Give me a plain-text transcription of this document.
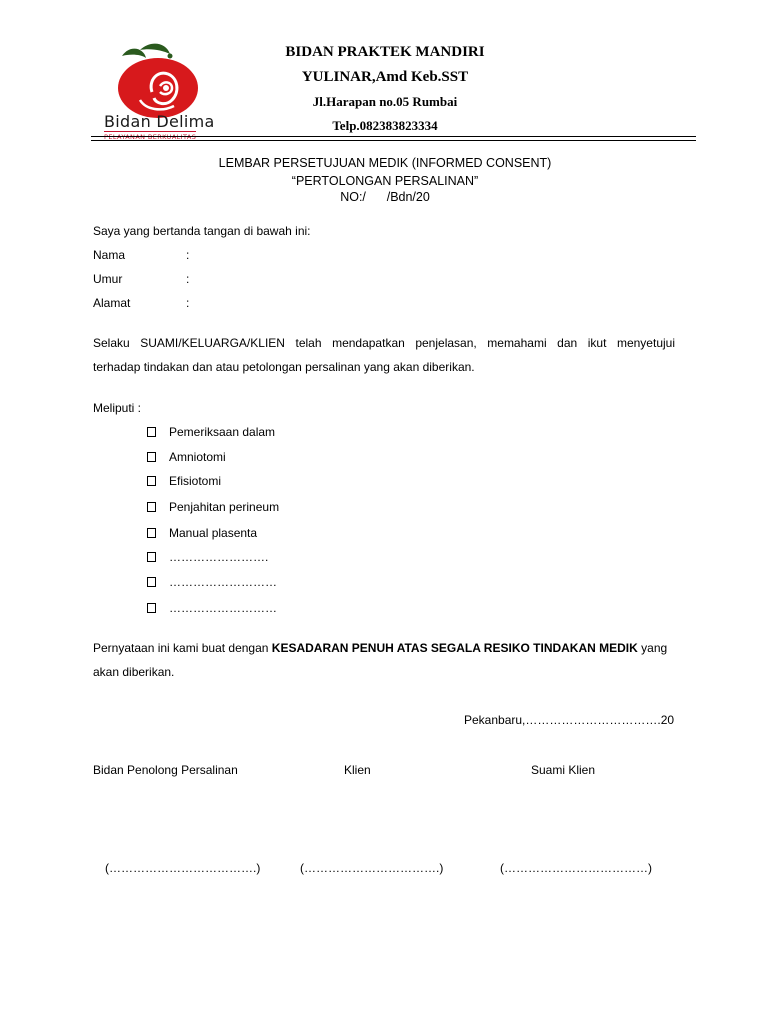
Bidan Delima
PELAYANAN BERKUALITAS
BIDAN PRAKTEK MANDIRI
YULINAR,Amd Keb.SST
Jl.Harapan no.05 Rumbai
Telp.082383823334
LEMBAR PERSETUJUAN MEDIK (INFORMED CONSENT)
“PERTOLONGAN PERSALINAN”
NO:/      /Bdn/20
Saya yang bertanda tangan di bawah ini:
Nama	:
Umur	:
Alamat	:
Selaku SUAMI/KELUARGA/KLIEN telah mendapatkan penjelasan, memahami dan ikut menyetujui
terhadap tindakan dan atau petolongan persalinan yang akan diberikan.
Meliputi :
Pemeriksaan dalam
Amniotomi
Efisiotomi
Penjahitan perineum
Manual plasenta
…………………….
………………………
………………………
Pernyataan ini kami buat dengan KESADARAN PENUH ATAS SEGALA RESIKO TINDAKAN MEDIK yang
akan diberikan.
Pekanbaru,…………………………….20
Bidan Penolong Persalinan	Klien	Suami Klien
(……………………………….)	(…………………………….)	(………………………………)
